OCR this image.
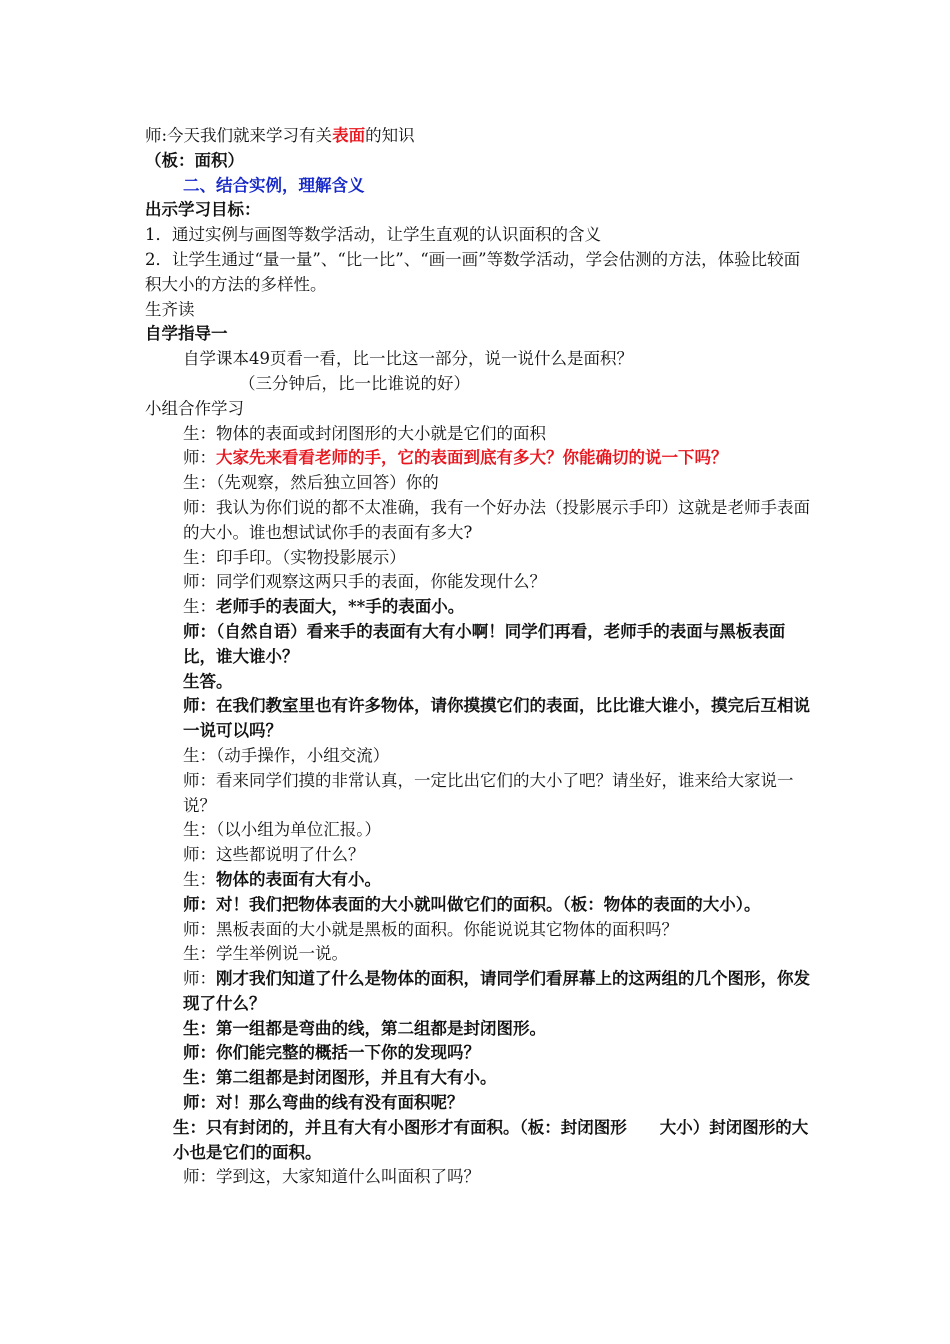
师:今天我们就来学习有关表面的知识
（板：面积）
二、结合实例，理解含义
出示学习目标：
1．通过实例与画图等数学活动，让学生直观的认识面积的含义
2．让学生通过“量一量”、“比一比”、“画一画”等数学活动，学会估测的方法，体验比较面积大小的方法的多样性。
生齐读
自学指导一
自学课本49页看一看，比一比这一部分，说一说什么是面积？
（三分钟后，比一比谁说的好）
小组合作学习
生：物体的表面或封闭图形的大小就是它们的面积
师：大家先来看看老师的手，它的表面到底有多大？你能确切的说一下吗？
生：（先观察，然后独立回答）你的
师：我认为你们说的都不太准确，我有一个好办法（投影展示手印）这就是老师手表面的大小。谁也想试试你手的表面有多大?
生：印手印。（实物投影展示）
师：同学们观察这两只手的表面，你能发现什么？
生：老师手的表面大，**手的表面小。
师：（自然自语）看来手的表面有大有小啊！同学们再看，老师手的表面与黑板表面比，谁大谁小？
生答。
师：在我们教室里也有许多物体，请你摸摸它们的表面，比比谁大谁小，摸完后互相说一说可以吗？
生：（动手操作，小组交流）
师：看来同学们摸的非常认真，一定比出它们的大小了吧？请坐好，谁来给大家说一说？
生：（以小组为单位汇报。）
师：这些都说明了什么？
生：物体的表面有大有小。
师：对！我们把物体表面的大小就叫做它们的面积。（板：物体的表面的大小）。
师：黑板表面的大小就是黑板的面积。你能说说其它物体的面积吗？
生：学生举例说一说。
师：刚才我们知道了什么是物体的面积，请同学们看屏幕上的这两组的几个图形，你发现了什么？
生：第一组都是弯曲的线，第二组都是封闭图形。
师：你们能完整的概括一下你的发现吗？
生：第二组都是封闭图形，并且有大有小。
师：对！那么弯曲的线有没有面积呢？
生：只有封闭的，并且有大有小图形才有面积。（板：封闭图形　　大小）封闭图形的大小也是它们的面积。
师：学到这，大家知道什么叫面积了吗？
